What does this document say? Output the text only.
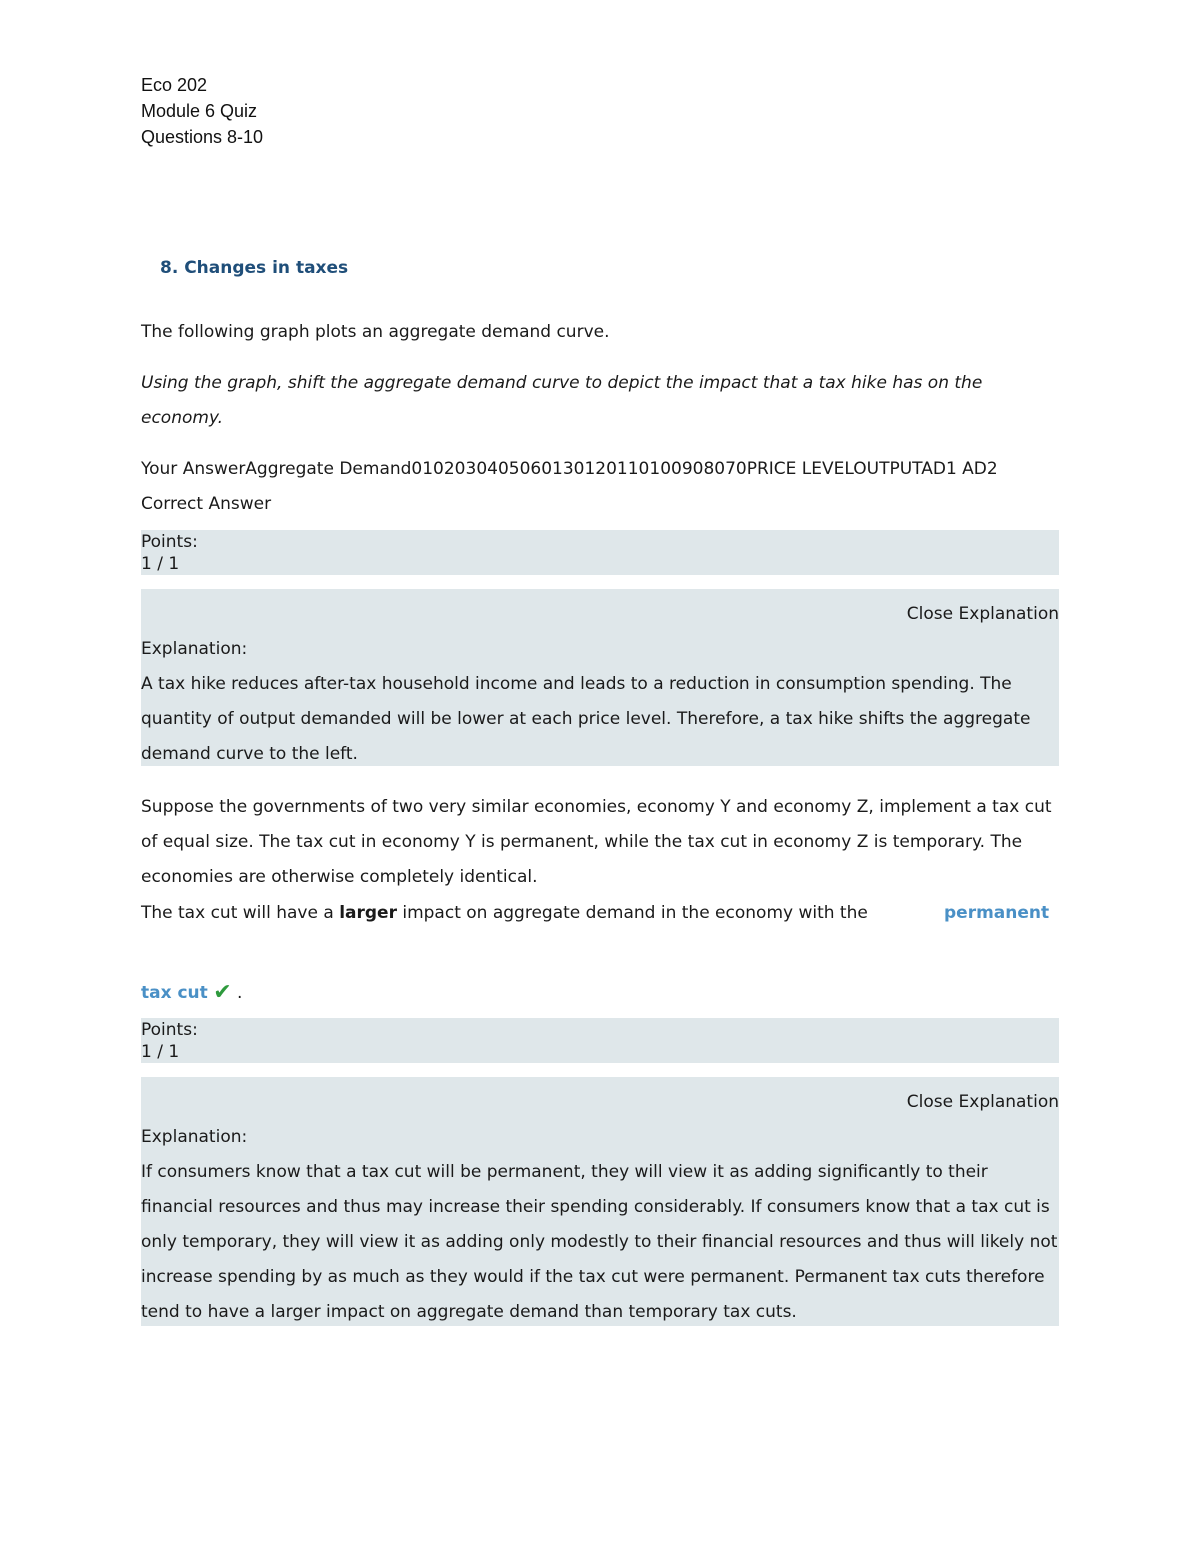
Eco 202
Module 6 Quiz
Questions 8-10
8. Changes in taxes
The following graph plots an aggregate demand curve.
Using the graph, shift the aggregate demand curve to depict the impact that a tax hike has on the economy.
Your AnswerAggregate Demand0102030405060130120110100908070PRICE LEVELOUTPUTAD1 AD2
Correct Answer
Points:
1 / 1
Close Explanation
Explanation:
A tax hike reduces after-tax household income and leads to a reduction in consumption spending. The quantity of output demanded will be lower at each price level. Therefore, a tax hike shifts the aggregate demand curve to the left.
Suppose the governments of two very similar economies, economy Y and economy Z, implement a tax cut of equal size. The tax cut in economy Y is permanent, while the tax cut in economy Z is temporary. The economies are otherwise completely identical.
The tax cut will have a larger impact on aggregate demand in the economy with the	permanent
tax cut ✔ .
Points:
1 / 1
Close Explanation
Explanation:
If consumers know that a tax cut will be permanent, they will view it as adding significantly to their financial resources and thus may increase their spending considerably. If consumers know that a tax cut is only temporary, they will view it as adding only modestly to their financial resources and thus will likely not increase spending by as much as they would if the tax cut were permanent. Permanent tax cuts therefore tend to have a larger impact on aggregate demand than temporary tax cuts.
